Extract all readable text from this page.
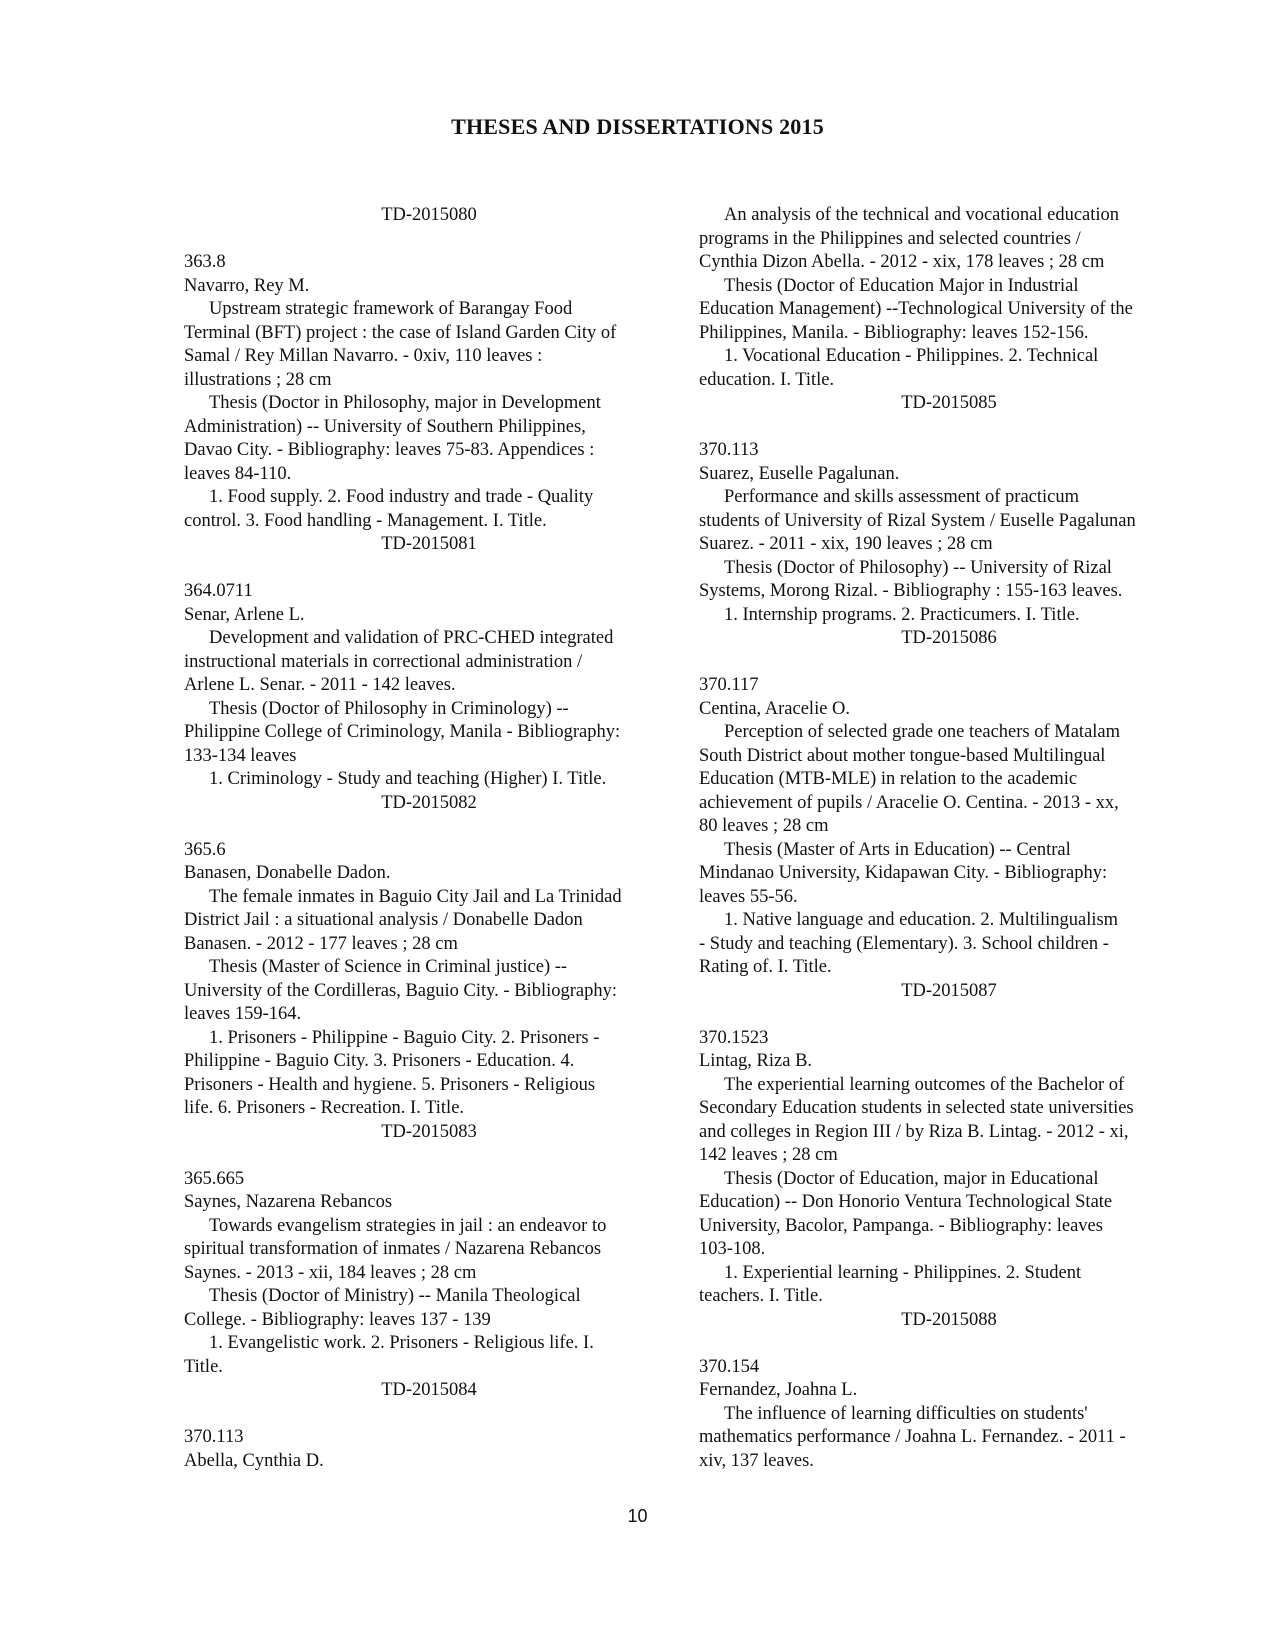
THESES AND DISSERTATIONS 2015
TD-2015080
363.8
Navarro, Rey M.
Upstream strategic framework of Barangay Food
Terminal (BFT) project : the case of Island Garden City of
Samal / Rey Millan Navarro. - 0xiv, 110 leaves :
illustrations ; 28 cm
Thesis (Doctor in Philosophy, major in Development
Administration) -- University of Southern Philippines,
Davao City. - Bibliography: leaves 75-83. Appendices :
leaves 84-110.
1. Food supply. 2. Food industry and trade - Quality
control. 3. Food handling - Management. I. Title.
TD-2015081
364.0711
Senar, Arlene L.
Development and validation of PRC-CHED integrated
instructional materials in correctional administration /
Arlene L. Senar. - 2011 - 142 leaves.
Thesis (Doctor of Philosophy in Criminology) --
Philippine College of Criminology, Manila - Bibliography:
133-134 leaves
1. Criminology - Study and teaching (Higher) I. Title.
TD-2015082
365.6
Banasen, Donabelle Dadon.
The female inmates in Baguio City Jail and La Trinidad
District Jail : a situational analysis / Donabelle Dadon
Banasen. - 2012 - 177 leaves ; 28 cm
Thesis (Master of Science in Criminal justice) --
University of the Cordilleras, Baguio City. - Bibliography:
leaves 159-164.
1. Prisoners - Philippine - Baguio City. 2. Prisoners -
Philippine - Baguio City. 3. Prisoners - Education. 4.
Prisoners - Health and hygiene. 5. Prisoners - Religious
life. 6. Prisoners - Recreation. I. Title.
TD-2015083
365.665
Saynes, Nazarena Rebancos
Towards evangelism strategies in jail : an endeavor to
spiritual transformation of inmates / Nazarena Rebancos
Saynes. - 2013 - xii, 184 leaves ; 28 cm
Thesis (Doctor of Ministry) -- Manila Theological
College. - Bibliography: leaves 137 - 139
1. Evangelistic work. 2. Prisoners - Religious life. I.
Title.
TD-2015084
370.113
Abella, Cynthia D.
An analysis of the technical and vocational education
programs in the Philippines and selected countries /
Cynthia Dizon Abella. - 2012 - xix, 178 leaves ; 28 cm
Thesis (Doctor of Education Major in Industrial
Education Management) --Technological University of the
Philippines, Manila. - Bibliography: leaves 152-156.
1. Vocational Education - Philippines. 2. Technical
education. I. Title.
TD-2015085
370.113
Suarez, Euselle Pagalunan.
Performance and skills assessment of practicum
students of University of Rizal System / Euselle Pagalunan
Suarez. - 2011 - xix, 190 leaves ; 28 cm
Thesis (Doctor of Philosophy) -- University of Rizal
Systems, Morong Rizal. - Bibliography : 155-163 leaves.
1. Internship programs. 2. Practicumers. I. Title.
TD-2015086
370.117
Centina, Aracelie O.
Perception of selected grade one teachers of Matalam
South District about mother tongue-based Multilingual
Education (MTB-MLE) in relation to the academic
achievement of pupils / Aracelie O. Centina. - 2013 - xx,
80 leaves ; 28 cm
Thesis (Master of Arts in Education) -- Central
Mindanao University, Kidapawan City. - Bibliography:
leaves 55-56.
1. Native language and education. 2. Multilingualism
- Study and teaching (Elementary). 3. School children -
Rating of. I. Title.
TD-2015087
370.1523
Lintag, Riza B.
The experiential learning outcomes of the Bachelor of
Secondary Education students in selected state universities
and colleges in Region III / by Riza B. Lintag. - 2012 - xi,
142 leaves ; 28 cm
Thesis (Doctor of Education, major in Educational
Education) -- Don Honorio Ventura Technological State
University, Bacolor, Pampanga. - Bibliography: leaves
103-108.
1. Experiential learning - Philippines. 2. Student
teachers. I. Title.
TD-2015088
370.154
Fernandez, Joahna L.
The influence of learning difficulties on students'
mathematics performance / Joahna L. Fernandez. - 2011 -
xiv, 137 leaves.
10
